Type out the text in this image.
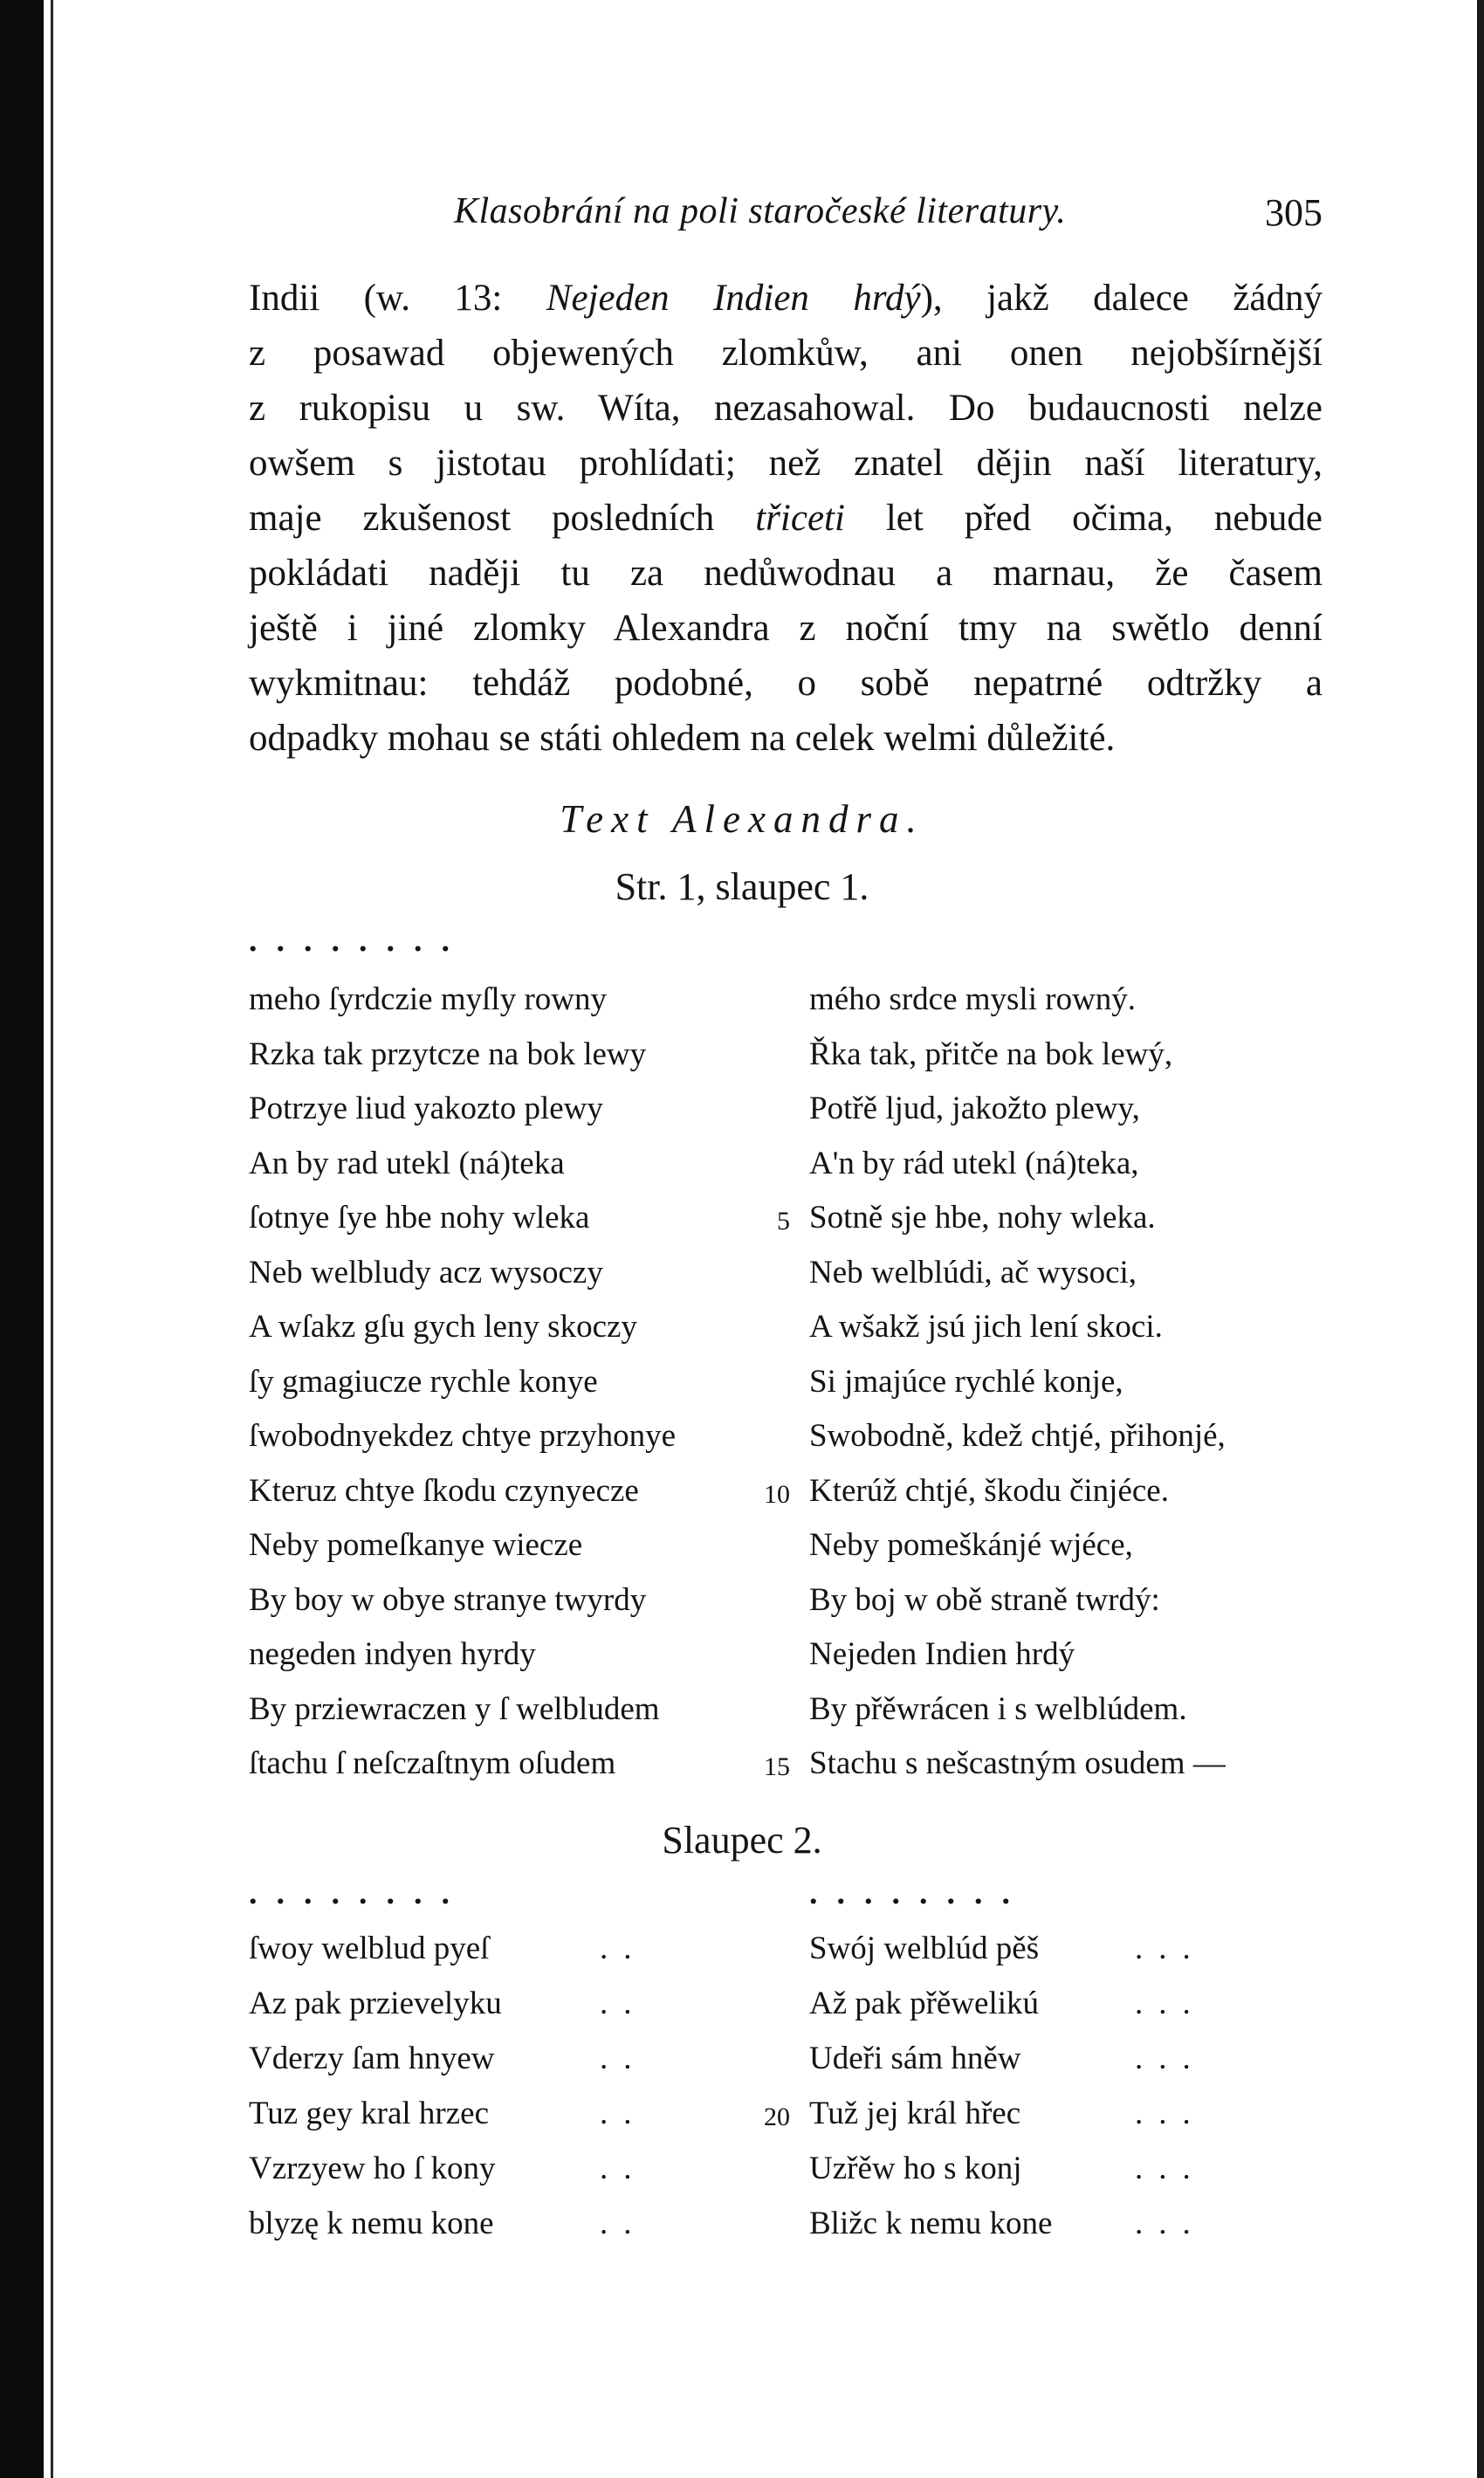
Klasobrání na poli staročeské literatury.	305
Indii (w. 13: Nejeden Indien hrdý), jakž dalece žádný
z posawad objewených zlomkůw, ani onen nejobšírnější
z rukopisu u sw. Wíta, nezasahowal. Do budaucnosti nelze
owšem s jistotau prohlídati; než znatel dějin naší literatury,
maje zkušenost posledních třiceti let před očima, nebude
pokládati naději tu za nedůwodnau a marnau, že časem
ještě i jiné zlomky Alexandra z noční tmy na swětlo denní
wykmitnau: tehdáž podobné, o sobě nepatrné odtržky a
odpadky mohau se státi ohledem na celek welmi důležité.
Text Alexandra.
Str. 1, slaupec 1.
........
meho ſyrdczie myſly rowny	mého srdce mysli rowný.
Rzka tak przytcze na bok lewy	Řka tak, přitče na bok lewý,
Potrzye liud yakozto plewy	Potřě ljud, jakožto plewy,
An by rad utekl (ná)teka	A'n by rád utekl (ná)teka,
ſotnye ſye hbe nohy wleka	5 Sotně sje hbe, nohy wleka.
Neb welbludy acz wysoczy	Neb welblúdi, ač wysoci,
A wſakz gſu gych leny skoczy	A wšakž jsú jich lení skoci.
ſy gmagiucze rychle konye	Si jmajúce rychlé konje,
ſwobodnyekdez chtye przyhonye	Swobodně, kdež chtjé, přihonjé,
Kteruz chtye ſkodu czynyecze	10 Kterúž chtjé, škodu činjéce.
Neby pomeſkanye wiecze	Neby pomeškánjé wjéce,
By boy w obye stranye twyrdy	By boj w obě straně twrdý:
negeden indyen hyrdy	Nejeden Indien hrdý
By prziewraczen y ſ welbludem	By přěwrácen i s welblúdem.
ſtachu ſ neſczaſtnym oſudem	15 Stachu s nešcastným osudem —
Slaupec 2.
........	........
ſwoy welblud pyeſ	..	Swój welblúd pěš	...
Az pak przievelyku	..	Až pak přěwelikú	...
Vderzy ſam hnyew	..	Udeři sám hněw	...
Tuz gey kral hrzec	..	20 Tuž jej král hřec	...
Vzrzyew ho ſ kony	..	Uzřěw ho s konj	...
blyzę k nemu kone	..	Bližc k nemu kone	...
